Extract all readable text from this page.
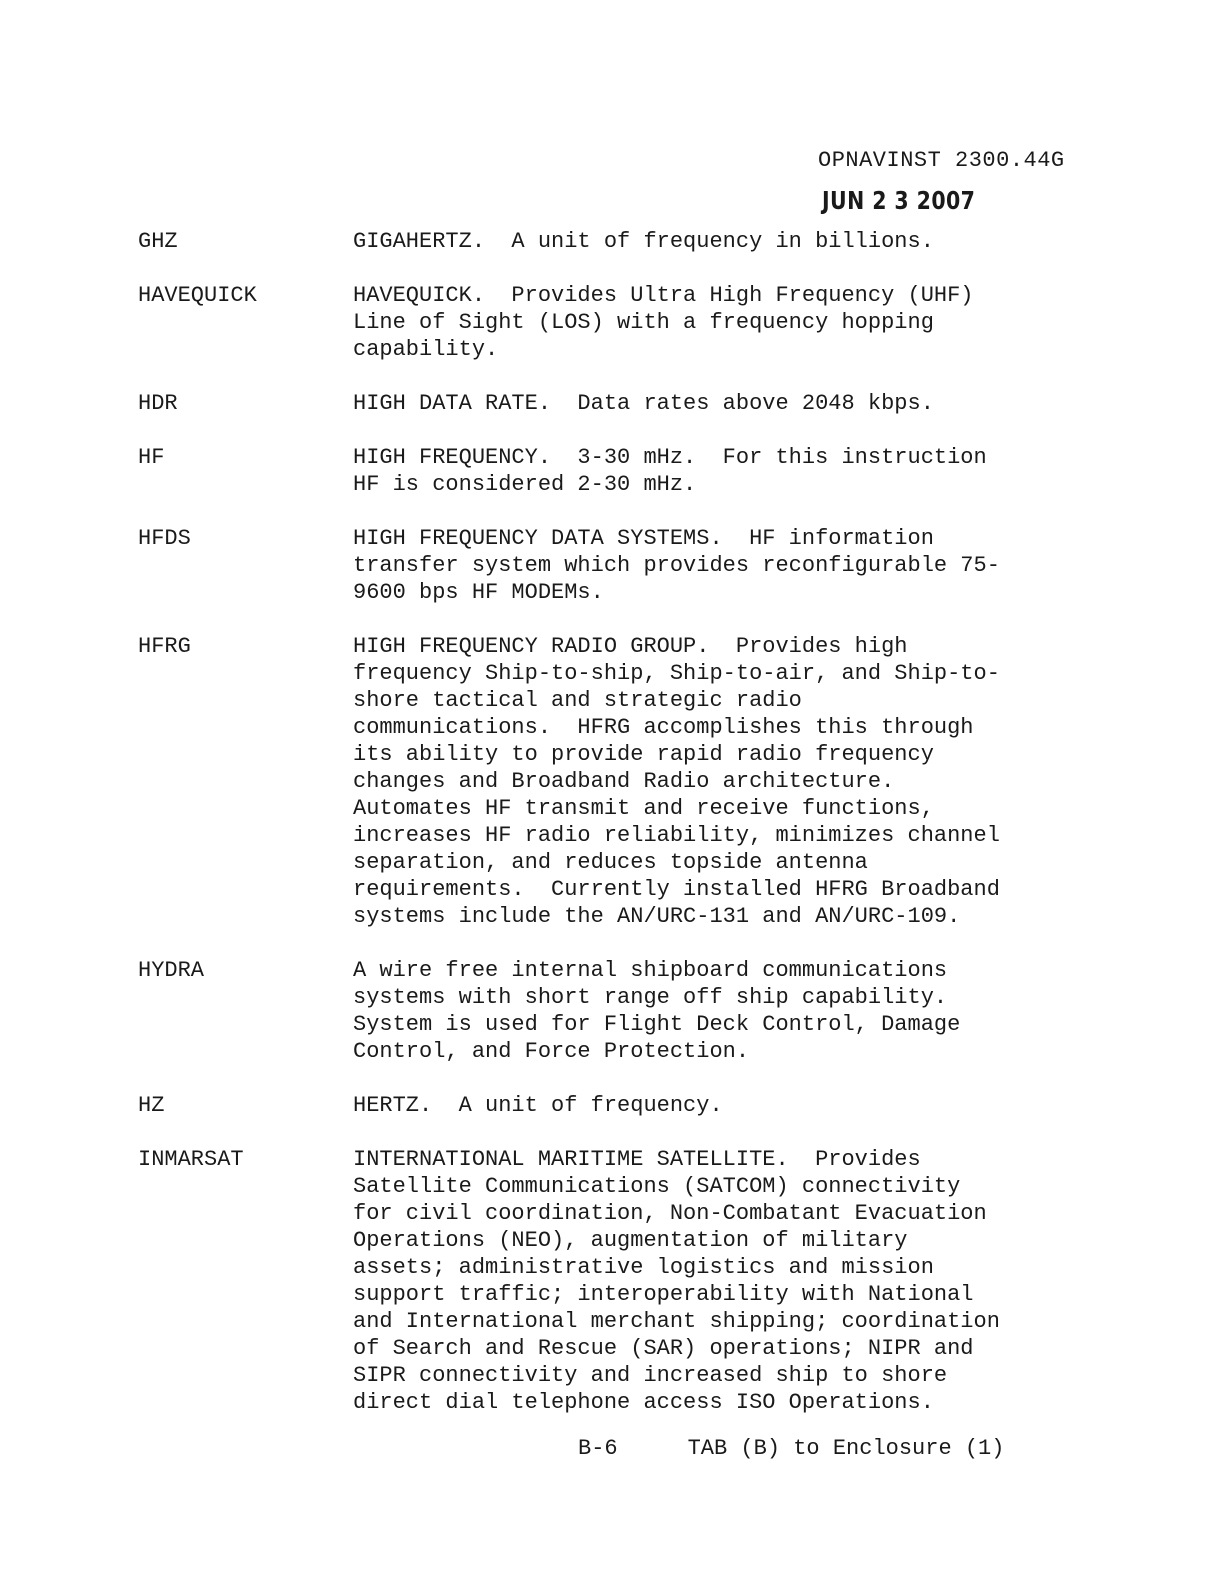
OPNAVINST 2300.44G
JUN 2 3 2007
GHZ	GIGAHERTZ.  A unit of frequency in billions.
HAVEQUICK	HAVEQUICK.  Provides Ultra High Frequency (UHF)
Line of Sight (LOS) with a frequency hopping
capability.
HDR	HIGH DATA RATE.  Data rates above 2048 kbps.
HF	HIGH FREQUENCY.  3-30 mHz.  For this instruction
HF is considered 2-30 mHz.
HFDS	HIGH FREQUENCY DATA SYSTEMS.  HF information
transfer system which provides reconfigurable 75-
9600 bps HF MODEMs.
HFRG	HIGH FREQUENCY RADIO GROUP.  Provides high
frequency Ship-to-ship, Ship-to-air, and Ship-to-
shore tactical and strategic radio
communications.  HFRG accomplishes this through
its ability to provide rapid radio frequency
changes and Broadband Radio architecture.
Automates HF transmit and receive functions,
increases HF radio reliability, minimizes channel
separation, and reduces topside antenna
requirements.  Currently installed HFRG Broadband
systems include the AN/URC-131 and AN/URC-109.
HYDRA	A wire free internal shipboard communications
systems with short range off ship capability.
System is used for Flight Deck Control, Damage
Control, and Force Protection.
HZ	HERTZ.  A unit of frequency.
INMARSAT	INTERNATIONAL MARITIME SATELLITE.  Provides
Satellite Communications (SATCOM) connectivity
for civil coordination, Non-Combatant Evacuation
Operations (NEO), augmentation of military
assets; administrative logistics and mission
support traffic; interoperability with National
and International merchant shipping; coordination
of Search and Rescue (SAR) operations; NIPR and
SIPR connectivity and increased ship to shore
direct dial telephone access ISO Operations.
B-6	TAB (B) to Enclosure (1)
